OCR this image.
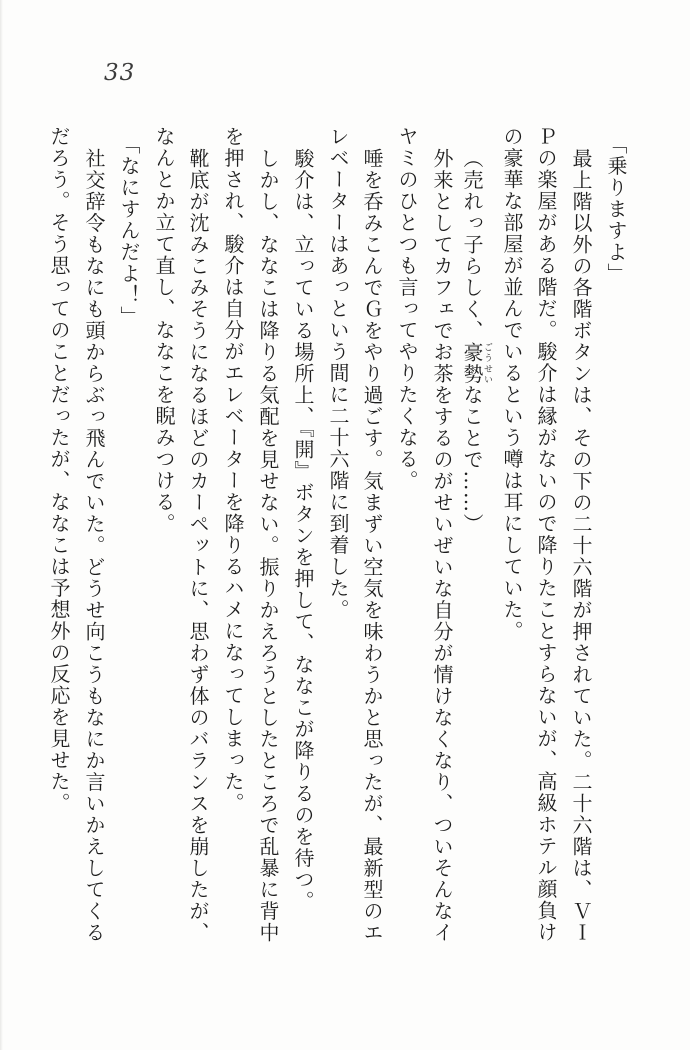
33
「乗りますよ」
最上階以外の各階ボタンは、その下の二十六階が押されていた。二十六階は、ＶＩ
Ｐの楽屋がある階だ。駿介は縁がないので降りたことすらないが、高級ホテル顔負け
の豪華な部屋が並んでいるという噂は耳にしていた。
（売れっ子らしく、豪勢ごうせいなことで……）
外来としてカフェでお茶をするのがせいぜいな自分が情けなくなり、ついそんなイ
ヤミのひとつも言ってやりたくなる。
唾を呑みこんでＧをやり過ごす。気まずい空気を味わうかと思ったが、最新型のエ
レベーターはあっという間に二十六階に到着した。
駿介は、立っている場所上、『開』ボタンを押して、ななこが降りるのを待つ。
しかし、ななこは降りる気配を見せない。振りかえろうとしたところで乱暴に背中
を押され、駿介は自分がエレベーターを降りるハメになってしまった。
靴底が沈みこみそうになるほどのカーペットに、思わず体のバランスを崩したが、
なんとか立て直し、ななこを睨みつける。
「なにすんだよ！」
社交辞令もなにも頭からぶっ飛んでいた。どうせ向こうもなにか言いかえしてくる
だろう。そう思ってのことだったが、ななこは予想外の反応を見せた。
